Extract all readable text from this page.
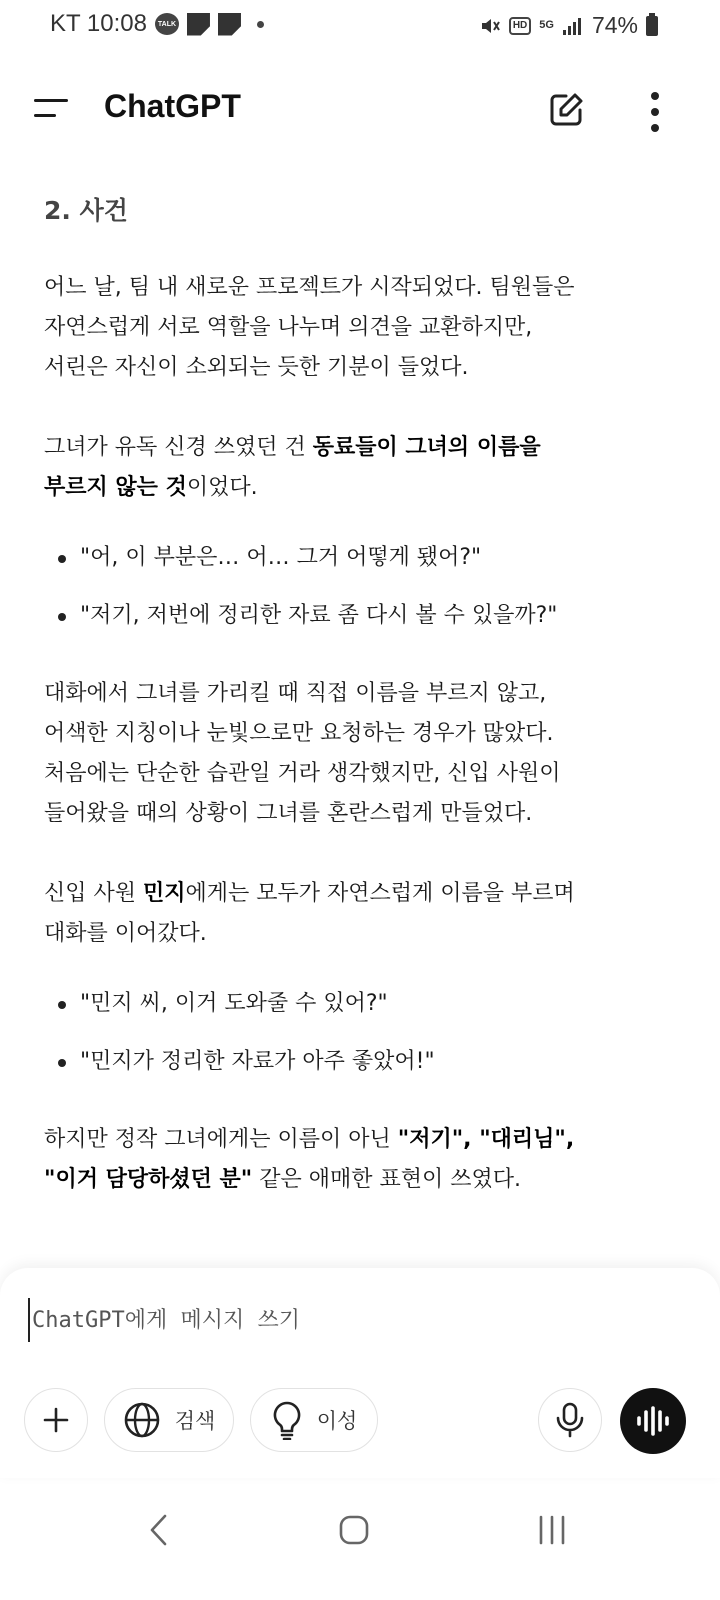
KT 10:08	TALK	HD	5G 74%
ChatGPT
2. 사건
어느 날, 팀 내 새로운 프로젝트가 시작되었다. 팀원들은
자연스럽게 서로 역할을 나누며 의견을 교환하지만,
서린은 자신이 소외되는 듯한 기분이 들었다.
그녀가 유독 신경 쓰였던 건 동료들이 그녀의 이름을
부르지 않는 것이었다.
"어, 이 부분은… 어… 그거 어떻게 됐어?"
"저기, 저번에 정리한 자료 좀 다시 볼 수 있을까?"
대화에서 그녀를 가리킬 때 직접 이름을 부르지 않고,
어색한 지칭이나 눈빛으로만 요청하는 경우가 많았다.
처음에는 단순한 습관일 거라 생각했지만, 신입 사원이
들어왔을 때의 상황이 그녀를 혼란스럽게 만들었다.
신입 사원 민지에게는 모두가 자연스럽게 이름을 부르며
대화를 이어갔다.
"민지 씨, 이거 도와줄 수 있어?"
"민지가 정리한 자료가 아주 좋았어!"
하지만 정작 그녀에게는 이름이 아닌 "저기", "대리님",
"이거 담당하셨던 분" 같은 애매한 표현이 쓰였다.
ChatGPT에게 메시지 쓰기
검색	이성
